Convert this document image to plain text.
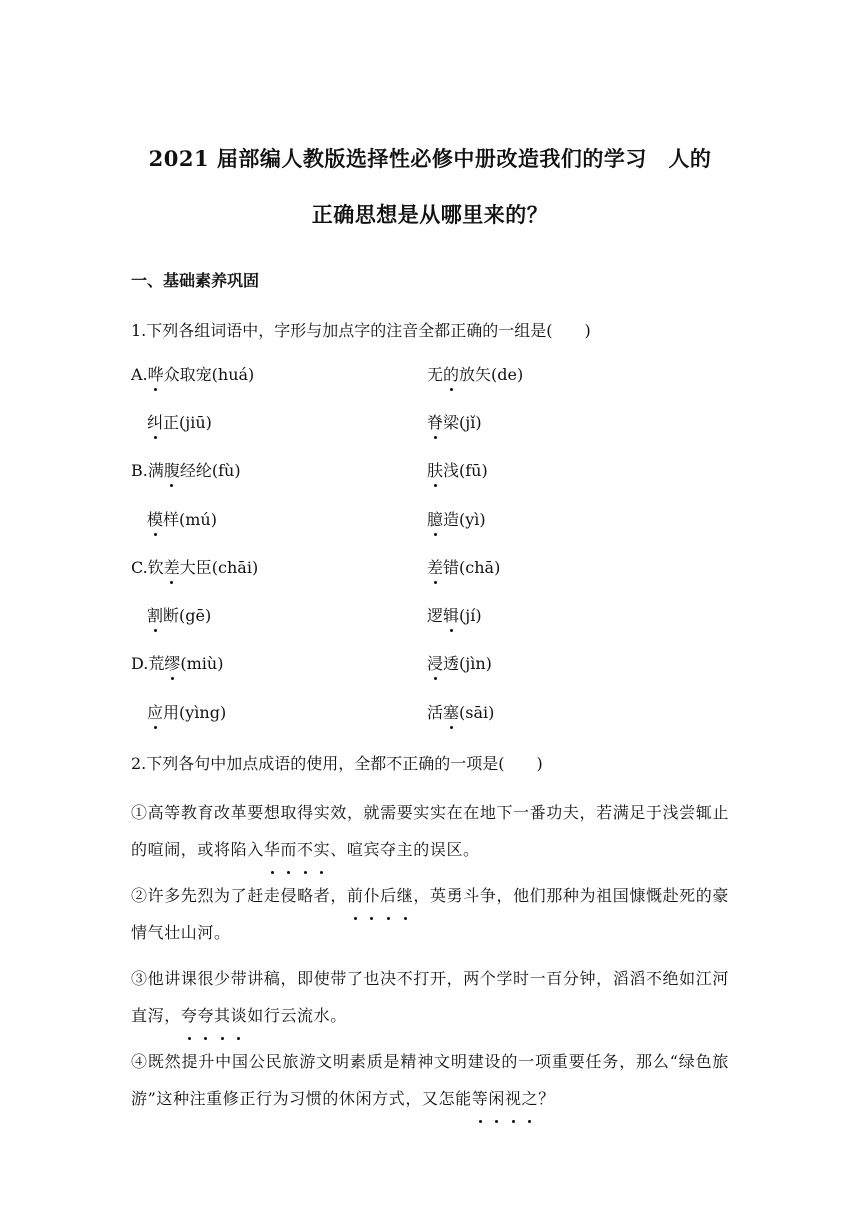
2021 届部编人教版选择性必修中册改造我们的学习　人的
正确思想是从哪里来的？
一、基础素养巩固
1.下列各组词语中，字形与加点字的注音全都正确的一组是(　　)
A.哗众取宠(huá)	无的放矢(de)
纠正(jiū)	脊梁(jǐ)
B.满腹经纶(fù)	肤浅(fū)
模样(mú)	臆造(yì)
C.钦差大臣(chāi)	差错(chā)
割断(gē)	逻辑(jí)
D.荒缪(miù)	浸透(jìn)
应用(yìng)	活塞(sāi)
2.下列各句中加点成语的使用，全都不正确的一项是(　　)
①高等教育改革要想取得实效，就需要实实在在地下一番功夫，若满足于浅尝辄止的喧闹，或将陷入华而不实、喧宾夺主的误区。
②许多先烈为了赶走侵略者，前仆后继，英勇斗争，他们那种为祖国慷慨赴死的豪情气壮山河。
③他讲课很少带讲稿，即使带了也决不打开，两个学时一百分钟，滔滔不绝如江河直泻，夸夸其谈如行云流水。
④既然提升中国公民旅游文明素质是精神文明建设的一项重要任务，那么“绿色旅游”这种注重修正行为习惯的休闲方式，又怎能等闲视之？
